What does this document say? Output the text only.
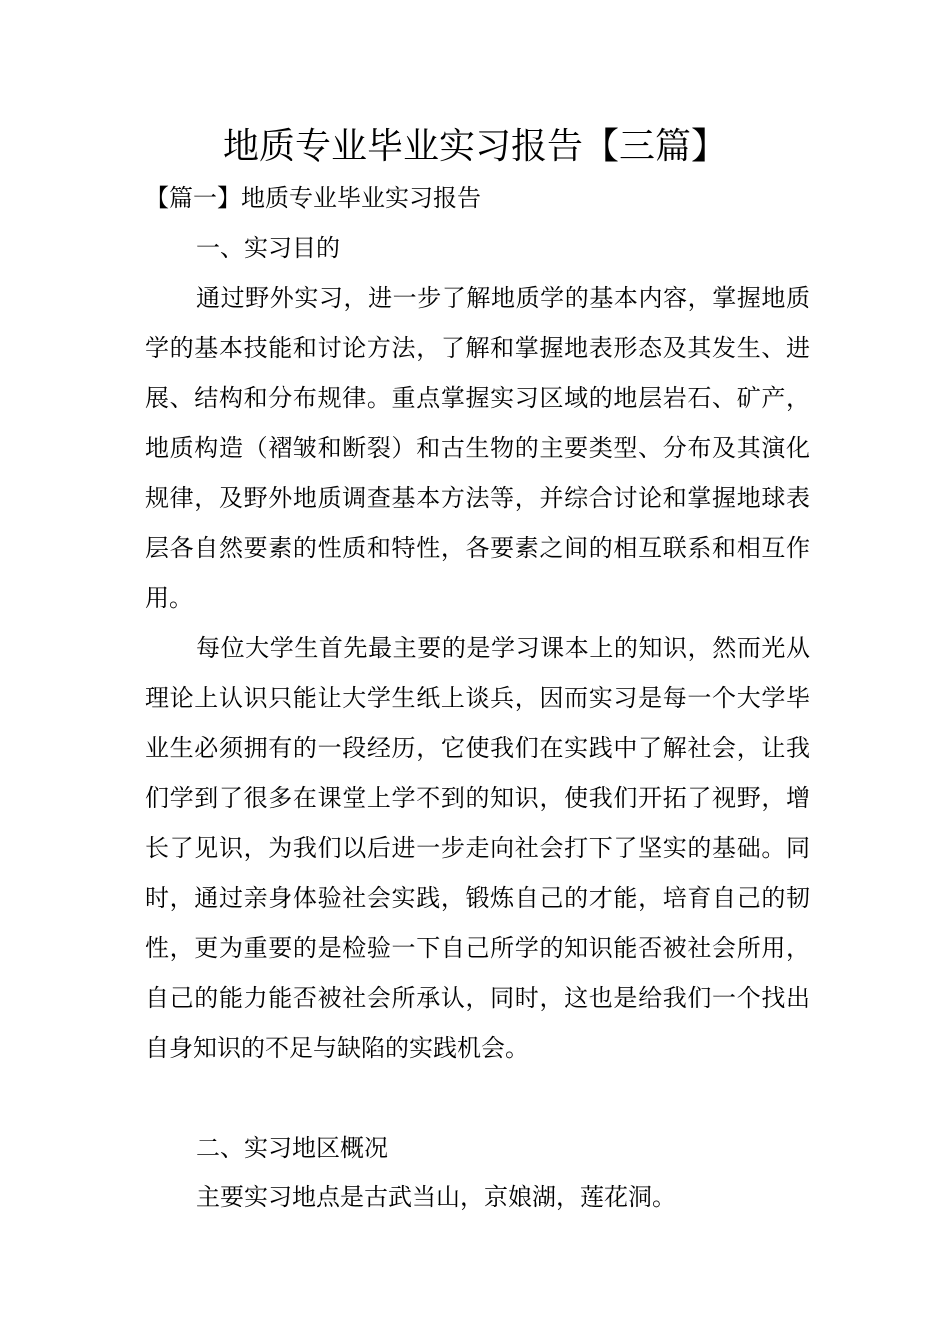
地质专业毕业实习报告【三篇】
【篇一】地质专业毕业实习报告
一、实习目的

通过野外实习，进一步了解地质学的基本内容，掌握地质学的基本技能和讨论方法，了解和掌握地表形态及其发生、进展、结构和分布规律。重点掌握实习区域的地层岩石、矿产，地质构造（褶皱和断裂）和古生物的主要类型、分布及其演化规律，及野外地质调查基本方法等，并综合讨论和掌握地球表层各自然要素的性质和特性，各要素之间的相互联系和相互作用。

每位大学生首先最主要的是学习课本上的知识，然而光从理论上认识只能让大学生纸上谈兵，因而实习是每一个大学毕业生必须拥有的一段经历，它使我们在实践中了解社会，让我们学到了很多在课堂上学不到的知识，使我们开拓了视野，增长了见识，为我们以后进一步走向社会打下了坚实的基础。同时，通过亲身体验社会实践，锻炼自己的才能，培育自己的韧性，更为重要的是检验一下自己所学的知识能否被社会所用，自己的能力能否被社会所承认，同时，这也是给我们一个找出自身知识的不足与缺陷的实践机会。

二、实习地区概况
主要实习地点是古武当山，京娘湖，莲花洞。
